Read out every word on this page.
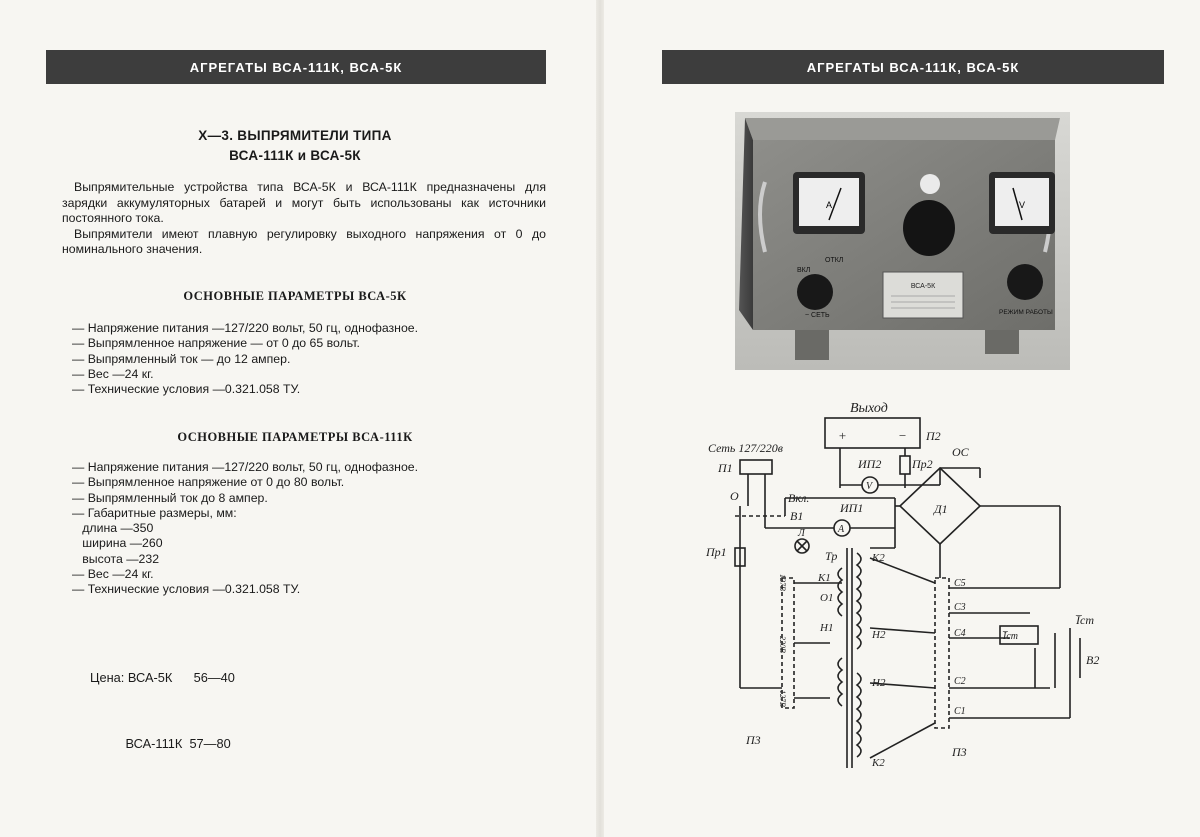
АГРЕГАТЫ ВСА-111К, ВСА-5К
X—3. ВЫПРЯМИТЕЛИ ТИПА
ВСА-111К и ВСА-5К

Выпрямительные устройства типа ВСА-5К и ВСА-111К предназначены для зарядки аккумуляторных батарей и могут быть использованы как источники постоянного тока.

Выпрямители имеют плавную регулировку выходного напряжения от 0 до номинального значения.

ОСНОВНЫЕ ПАРАМЕТРЫ ВСА-5К
— Напряжение питания —127/220 вольт, 50 гц, однофазное.
— Выпрямленное напряжение — от 0 до 65 вольт.
— Выпрямленный ток — до 12 ампер.
— Вес —24 кг.
— Технические условия —0.321.058 ТУ.
ОСНОВНЫЕ ПАРАМЕТРЫ ВСА-111К
— Напряжение питания —127/220 вольт, 50 гц, однофазное.
— Выпрямленное напряжение от 0 до 80 вольт.
— Выпрямленный ток до 8 ампер.
— Габаритные размеры, мм:
длина —350
ширина —260
высота —232
— Вес —24 кг.
— Технические условия —0.321.058 ТУ.

Цена: ВСА-5К      56—40

ВСА-111К  57—80

АГРЕГАТЫ ВСА-111К, ВСА-5К
A	V
ОТКЛ
ВКЛ
~ СЕТЬ
ВСА-5К
РЕЖИМ РАБОТЫ
Выход
+	−
Сеть 127/220в
П1
П2
ИП2	Пр2
ОС
Д1
V
A
ИП1
О	Вкл.
В1
Пр1	Тр
Л
К1
О1
Н1
К2
Н2
Н2
К2
С5
С3
С4
С2
С1
I̅ст
I̅ст
В2
П3
П3
127В
220В
127В
